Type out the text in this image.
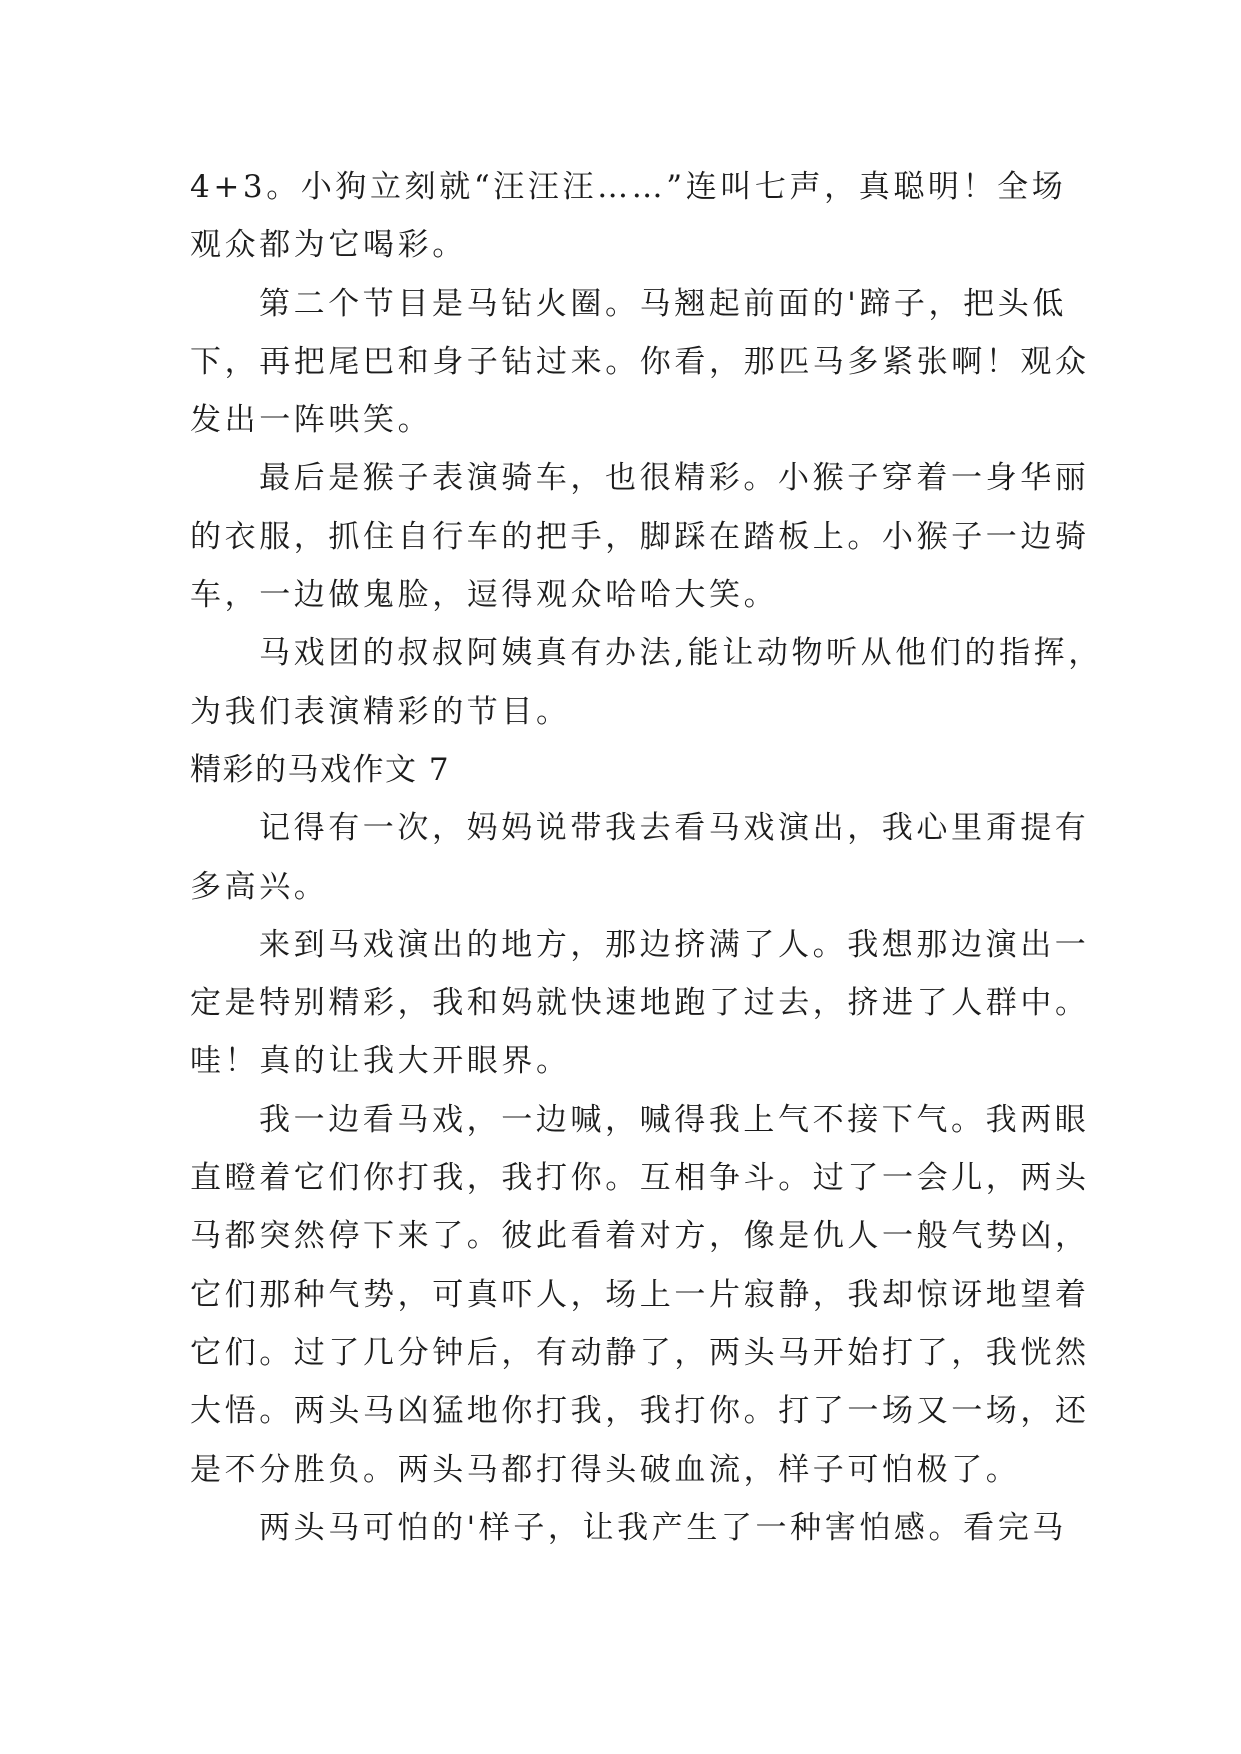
4+3。小狗立刻就“汪汪汪……”连叫七声，真聪明！全场
观众都为它喝彩。

第二个节目是马钻火圈。马翘起前面的'蹄子，把头低

下，再把尾巴和身子钻过来。你看，那匹马多紧张啊！观众
发出一阵哄笑。

最后是猴子表演骑车，也很精彩。小猴子穿着一身华丽

的衣服，抓住自行车的把手，脚踩在踏板上。小猴子一边骑
车，一边做鬼脸，逗得观众哈哈大笑。

马戏团的叔叔阿姨真有办法,能让动物听从他们的指挥，

为我们表演精彩的节目。

精彩的马戏作文 7

记得有一次，妈妈说带我去看马戏演出，我心里甭提有

多高兴。

来到马戏演出的地方，那边挤满了人。我想那边演出一

定是特别精彩，我和妈就快速地跑了过去，挤进了人群中。
哇！真的让我大开眼界。

我一边看马戏，一边喊，喊得我上气不接下气。我两眼

直瞪着它们你打我，我打你。互相争斗。过了一会儿，两头
马都突然停下来了。彼此看着对方，像是仇人一般气势凶，
它们那种气势，可真吓人，场上一片寂静，我却惊讶地望着
它们。过了几分钟后，有动静了，两头马开始打了，我恍然
大悟。两头马凶猛地你打我，我打你。打了一场又一场，还
是不分胜负。两头马都打得头破血流，样子可怕极了。

两头马可怕的'样子，让我产生了一种害怕感。看完马
